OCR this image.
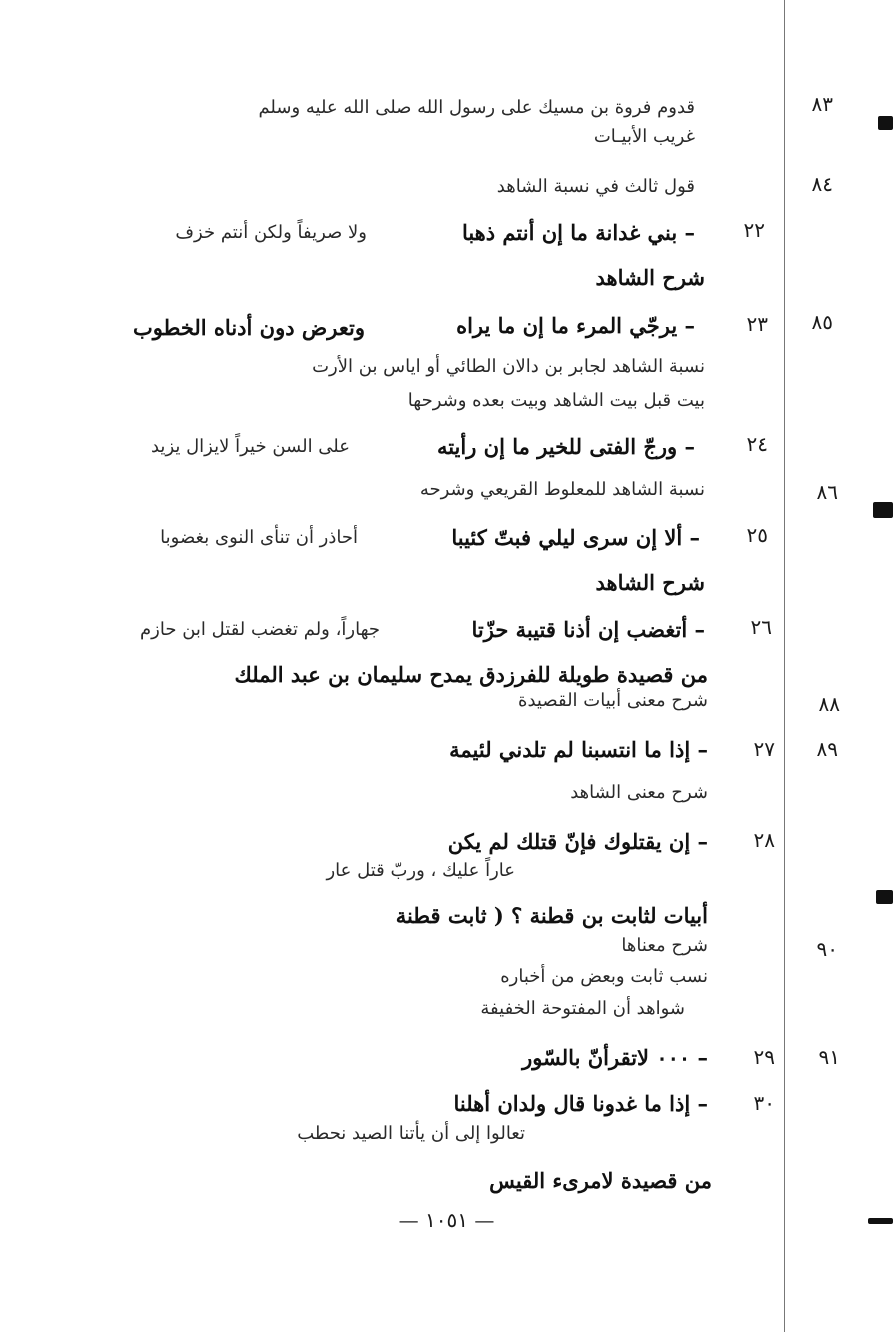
٨٣
قدوم فروة بن مسيك على رسول الله صلى الله عليه وسلم
غريب الأبيـات
٨٤
قول ثالث في نسبة الشاهد
٢٢
– بني غدانة ما إن أنتم ذهبا
ولا صريفاً ولكن أنتم خزف
شرح الشاهد
٨٥
٢٣
– يرجّي المرء ما إن ما يراه
وتعرض دون أدناه الخطوب
نسبة الشاهد لجابر بن دالان الطائي أو اياس بن الأرت
بيت قبل بيت الشاهد وبيت بعده وشرحها
٢٤
– ورجّ الفتى للخير ما إن رأيته
على السن خيراً لايزال يزيد
٨٦
نسبة الشاهد للمعلوط القريعي وشرحه
٢٥
– ألا إن سرى ليلي فبتّ كئيبا
أحاذر أن تنأى النوى بغضوبا
شرح الشاهد
٢٦
– أتغضب إن أذنا قتيبة حزّتا
جهاراً، ولم تغضب لقتل ابن حازم
من قصيدة طويلة للفرزدق يمدح سليمان بن عبد الملك
٨٨
شرح معنى أبيات القصيدة
٨٩
٢٧
– إذا ما انتسبنا لم تلدني لئيمة
شرح معنى الشاهد
٢٨
– إن يقتلوك فإنّ قتلك لم يكن
عاراً عليك ، وربّ قتل عار
أبيات لثابت بن قطنة ؟ ( ثابت قطنة
٩٠
شرح معناها
نسب ثابت وبعض من أخباره
شواهد أن المفتوحة الخفيفة
٩١
٢٩
– ٠٠٠ لاتقرأنّ بالسّور
٣٠
– إذا ما غدونا قال ولدان أهلنا
تعالوا إلى أن يأتنا الصيد نحطب
من قصيدة لامرىء القيس
— ١٠٥١ —
